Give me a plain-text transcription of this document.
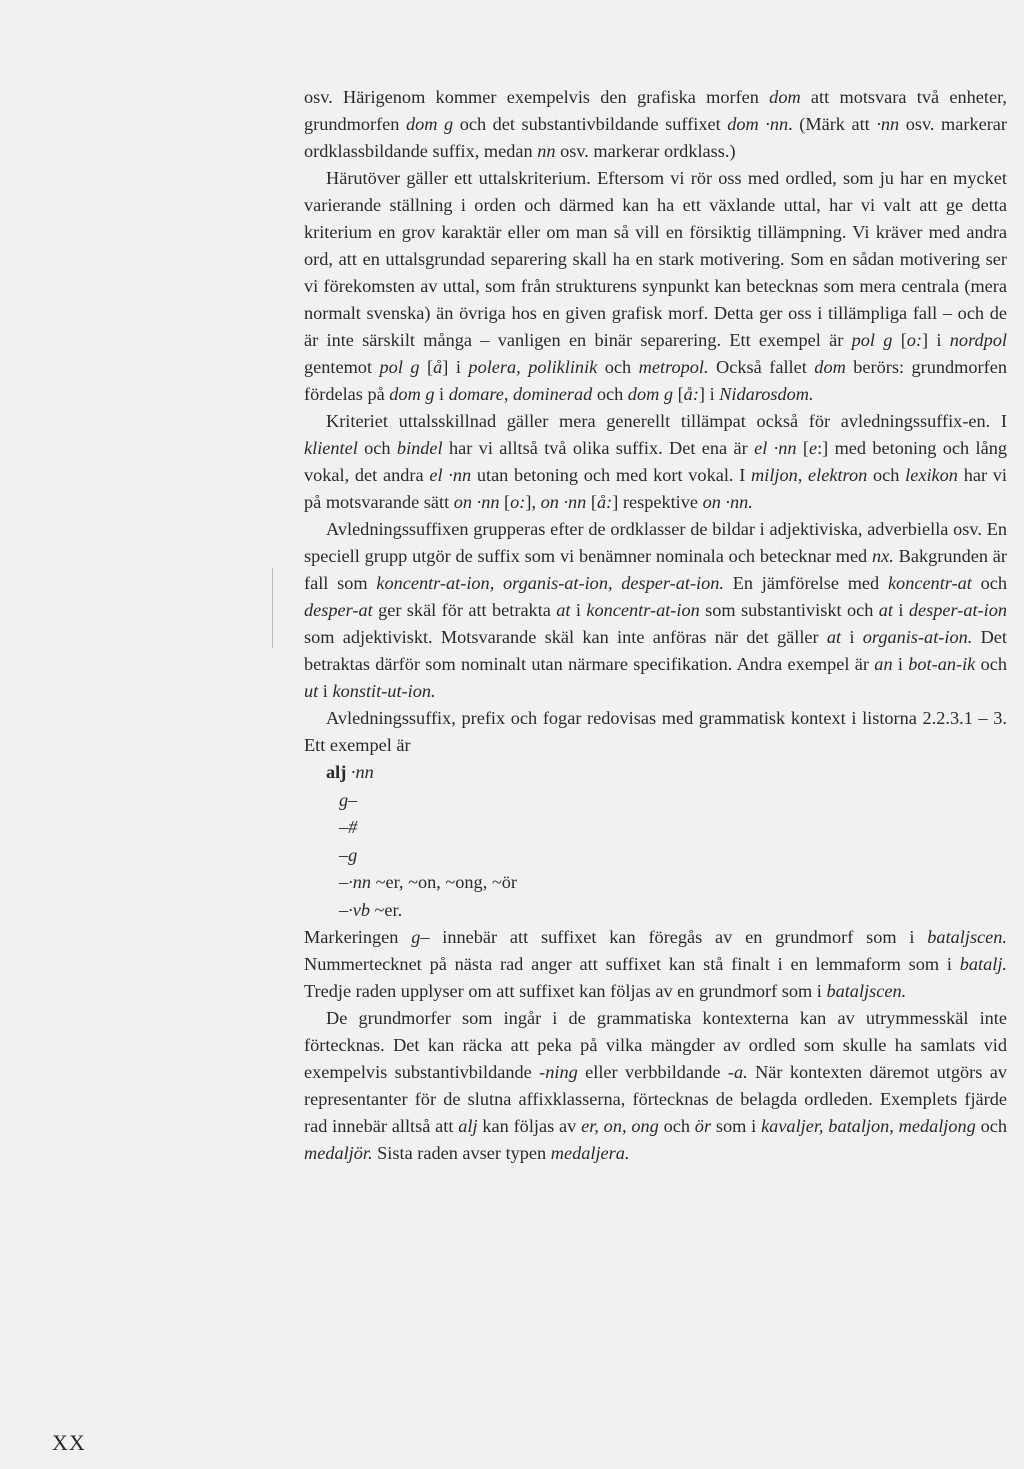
osv. Härigenom kommer exempelvis den grafiska morfen dom att motsvara två enheter, grundmorfen dom g och det substantivbildande suffixet dom ·nn. (Märk att ·nn osv. markerar ordklassbildande suffix, medan nn osv. markerar ordklass.)

Härutöver gäller ett uttalskriterium. Eftersom vi rör oss med ordled, som ju har en mycket varierande ställning i orden och därmed kan ha ett växlande uttal, har vi valt att ge detta kriterium en grov karaktär eller om man så vill en försiktig tillämpning. Vi kräver med andra ord, att en uttalsgrundad separering skall ha en stark motivering. Som en sådan motivering ser vi förekomsten av uttal, som från strukturens synpunkt kan betecknas som mera centrala (mera normalt svenska) än övriga hos en given grafisk morf. Detta ger oss i tillämpliga fall – och de är inte särskilt många – vanligen en binär separering. Ett exempel är pol g [o:] i nordpol gentemot pol g [å] i polera, poliklinik och metropol. Också fallet dom berörs: grundmorfen fördelas på dom g i domare, dominerad och dom g [å:] i Nidarosdom.

Kriteriet uttalsskillnad gäller mera generellt tillämpat också för avledningssuffix-en. I klientel och bindel har vi alltså två olika suffix. Det ena är el ·nn [e:] med betoning och lång vokal, det andra el ·nn utan betoning och med kort vokal. I miljon, elektron och lexikon har vi på motsvarande sätt on ·nn [o:], on ·nn [å:] respektive on ·nn.

Avledningssuffixen grupperas efter de ordklasser de bildar i adjektiviska, adverbiella osv. En speciell grupp utgör de suffix som vi benämner nominala och betecknar med nx. Bakgrunden är fall som koncentr-at-ion, organis-at-ion, desper-at-ion. En jämförelse med koncentr-at och desper-at ger skäl för att betrakta at i koncentr-at-ion som substantiviskt och at i desper-at-ion som adjektiviskt. Motsvarande skäl kan inte anföras när det gäller at i organis-at-ion. Det betraktas därför som nominalt utan närmare specifikation. Andra exempel är an i bot-an-ik och ut i konstit-ut-ion.

Avledningssuffix, prefix och fogar redovisas med grammatisk kontext i listorna 2.2.3.1 – 3. Ett exempel är

alj ·nn
g–
–#
–g
–·nn ~er, ~on, ~ong, ~ör
–·vb ~er.

Markeringen g– innebär att suffixet kan föregås av en grundmorf som i bataljscen. Nummertecknet på nästa rad anger att suffixet kan stå finalt i en lemmaform som i batalj. Tredje raden upplyser om att suffixet kan följas av en grundmorf som i bataljscen.

De grundmorfer som ingår i de grammatiska kontexterna kan av utrymmesskäl inte förtecknas. Det kan räcka att peka på vilka mängder av ordled som skulle ha samlats vid exempelvis substantivbildande -ning eller verbbildande -a. När kontexten däremot utgörs av representanter för de slutna affixklasserna, förtecknas de belagda ordleden. Exemplets fjärde rad innebär alltså att alj kan följas av er, on, ong och ör som i kavaljer, bataljon, medaljong och medaljör. Sista raden avser typen medaljera.

XX
